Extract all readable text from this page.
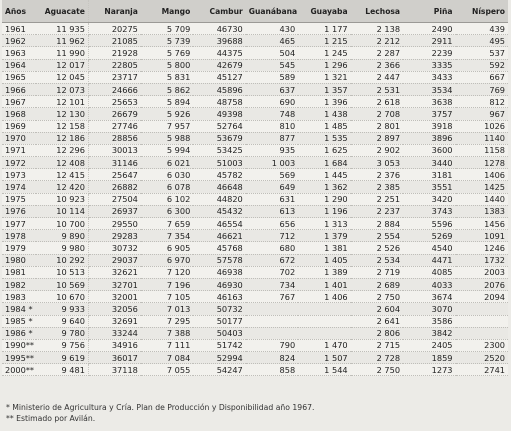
Años	Aguacate	Naranja	Mango	Cambur	Guanábana	Guayaba	Lechosa	Piña	Níspero
1961	11 935	20275	5 709	46730	430	1 177	2 138	2490	439
1962	11 962	21085	5 739	39688	465	1 215	2 212	2911	495
1963	11 990	21928	5 769	44375	504	1 245	2 287	2239	537
1964	12 017	22805	5 800	42679	545	1 296	2 366	3335	592
1965	12 045	23717	5 831	45127	589	1 321	2 447	3433	667
1966	12 073	24666	5 862	45896	637	1 357	2 531	3534	769
1967	12 101	25653	5 894	48758	690	1 396	2 618	3638	812
1968	12 130	26679	5 926	49398	748	1 438	2 708	3757	967
1969	12 158	27746	7 957	52764	810	1 485	2 801	3918	1026
1970	12 186	28856	5 988	53679	877	1 535	2 897	3896	1140
1971	12 296	30013	5 994	53425	935	1 625	2 902	3600	1158
1972	12 408	31146	6 021	51003	1 003	1 684	3 053	3440	1278
1973	12 415	25647	6 030	45782	569	1 445	2 376	3181	1406
1974	12 420	26882	6 078	46648	649	1 362	2 385	3551	1425
1975	10 923	27504	6 102	44820	631	1 290	2 251	3420	1440
1976	10 114	26937	6 300	45432	613	1 196	2 237	3743	1383
1977	10 700	29550	7 659	46554	656	1 313	2 884	5596	1456
1978	9 890	29283	7 354	46621	712	1 379	2 554	5269	1091
1979	9 980	30732	6 905	45768	680	1 381	2 526	4540	1246
1980	10 292	29037	6 970	57578	672	1 405	2 534	4471	1732
1981	10 513	32621	7 120	46938	702	1 389	2 719	4085	2003
1982	10 569	32701	7 196	46930	734	1 401	2 689	4033	2076
1983	10 670	32001	7 105	46163	767	1 406	2 750	3674	2094
1984 *	9 933	32056	7 013	50732			2 604	3070	
1985 *	9 640	32691	7 295	50177			2 641	3586	
1986 *	9 780	33244	7 388	50403			2 806	3842	
1990**	9 756	34916	7 111	51742	790	1 470	2 715	2405	2300
1995**	9 619	36017	7 084	52994	824	1 507	2 728	1859	2520
2000**	9 481	37118	7 055	54247	858	1 544	2 750	1273	2741
* Ministerio de Agricultura y Cría. Plan de Producción y Disponibilidad año 1967.
** Estimado por Avilán.
